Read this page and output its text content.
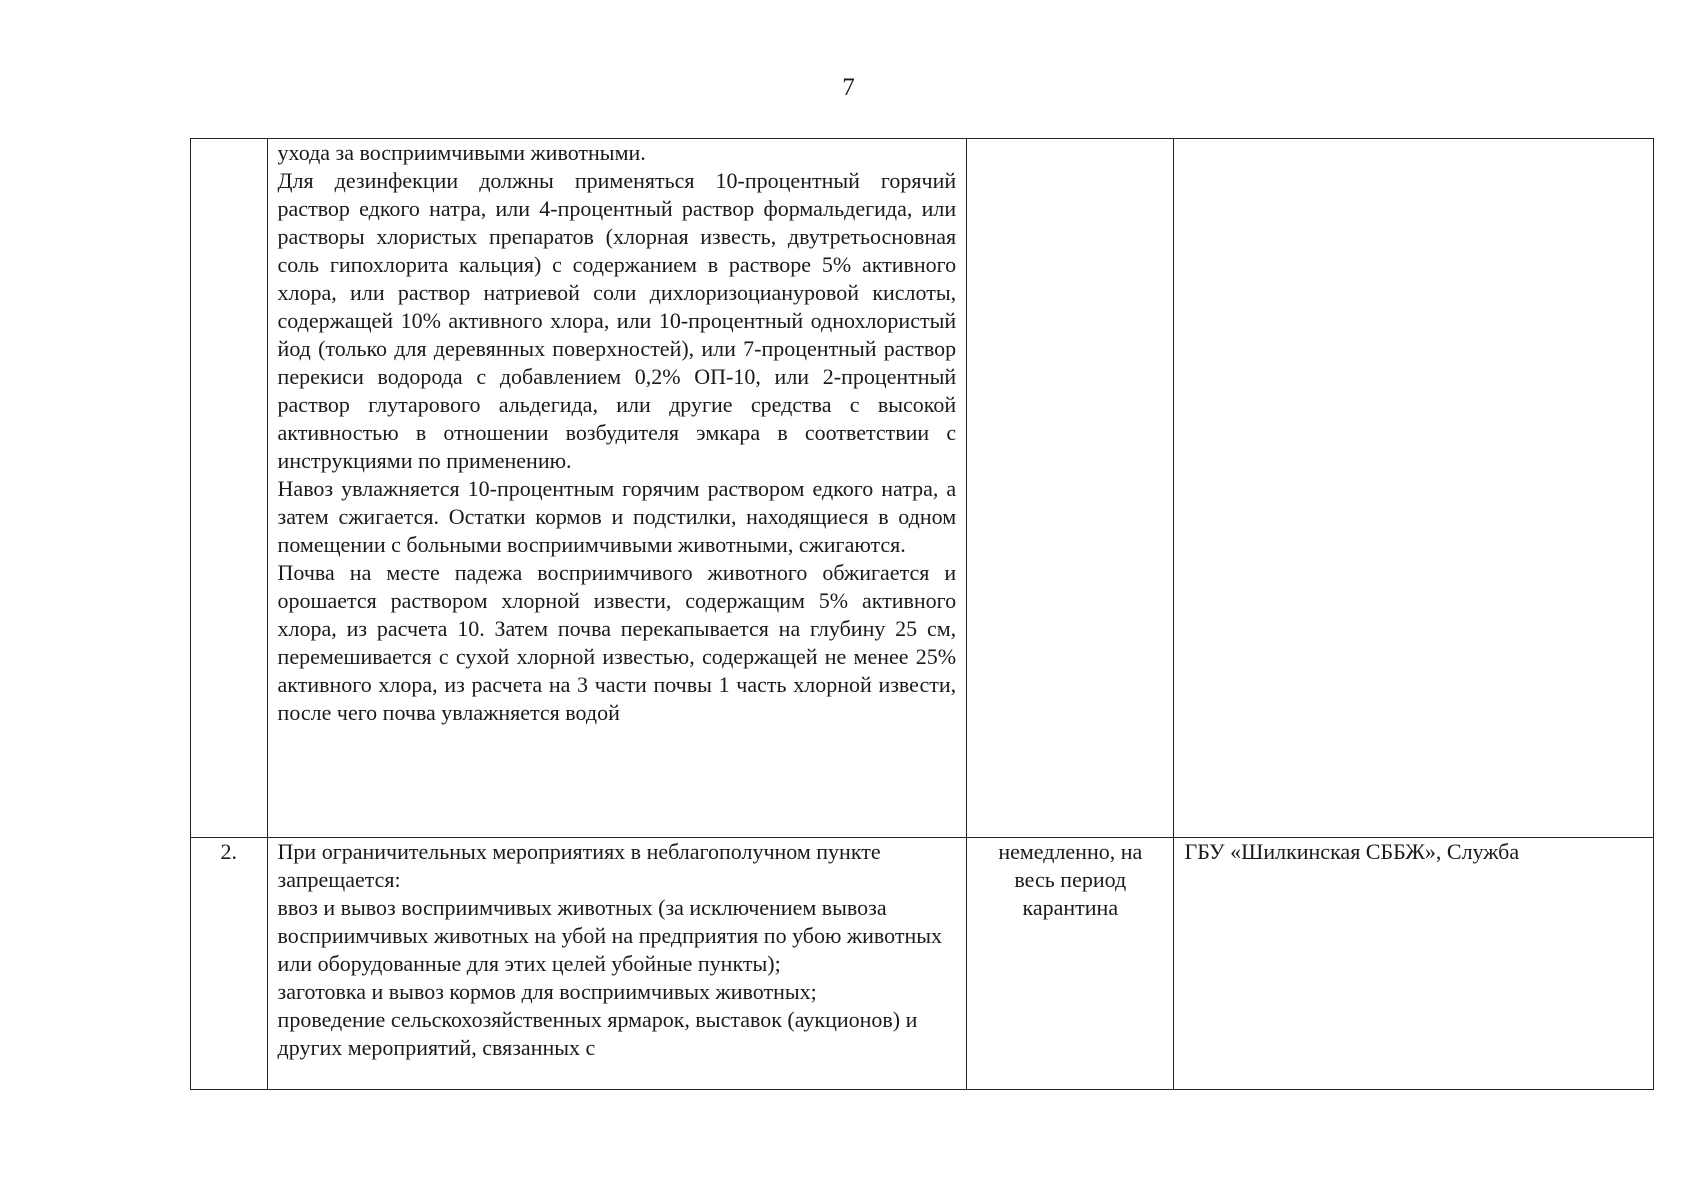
7

	ухода за восприимчивыми животными.

Для дезинфекции должны применяться 10-процентный горячий раствор едкого натра, или 4-процентный раствор формальдегида, или растворы хлористых препаратов (хлорная известь, двутретьосновная соль гипохлорита кальция) с содержанием в растворе 5% активного хлора, или раствор натриевой соли дихлоризоциануровой кислоты, содержащей 10% активного хлора, или 10-процентный однохлористый йод (только для деревянных поверхностей), или 7-процентный раствор перекиси водорода с добавлением 0,2% ОП-10, или 2-процентный раствор глутарового альдегида, или другие средства с высокой активностью в отношении возбудителя эмкара в соответствии с инструкциями по применению.

Навоз увлажняется 10-процентным горячим раствором едкого натра, а затем сжигается. Остатки кормов и подстилки, находящиеся в одном помещении с больными восприимчивыми животными, сжигаются.

Почва на месте падежа восприимчивого животного обжигается и орошается раствором хлорной извести, содержащим 5% активного хлора, из расчета 10. Затем почва перекапывается на глубину 25 см, перемешивается с сухой хлорной известью, содержащей не менее 25% активного хлора, из расчета на 3 части почвы 1 часть хлорной извести, после чего почва увлажняется водой		

2.	При ограничительных мероприятиях в неблагополучном пункте запрещается:

ввоз и вывоз восприимчивых животных (за исключением вывоза восприимчивых животных на убой на предприятия по убою животных или оборудованные для этих целей убойные пункты);

заготовка и вывоз кормов для восприимчивых животных;

проведение сельскохозяйственных ярмарок, выставок (аукционов) и других мероприятий, связанных с	немедленно, на весь период карантина	ГБУ «Шилкинская СББЖ», Служба
